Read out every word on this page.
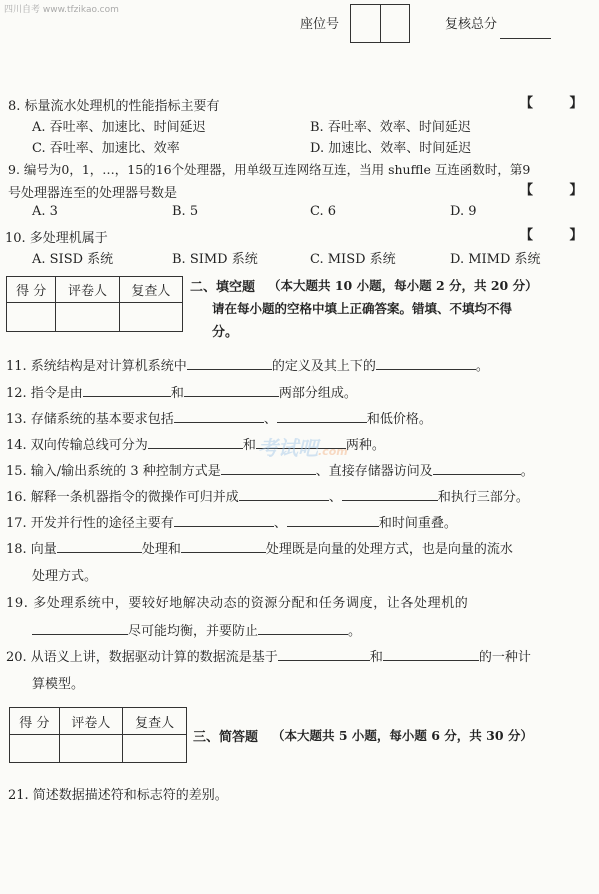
四川自考 www.tfzikao.com
座位号	复核总分
8. 标量流水处理机的性能指标主要有	【 】
A. 吞吐率、加速比、时间延迟	B. 吞吐率、效率、时间延迟
C. 吞吐率、加速比、效率	D. 加速比、效率、时间延迟
9. 编号为0，1，…，15的16个处理器，用单级互连网络互连，当用 shuffle 互连函数时，第9
号处理器连至的处理器号数是	【 】
A. 3	B. 5	C. 6	D. 9
10. 多处理机属于	【 】
A. SISD 系统	B. SIMD 系统	C. MISD 系统	D. MIMD 系统
得 分	评卷人	复查人
		二、填空题 （本大题共 10 小题，每小题 2 分，共 20 分）
请在每小题的空格中填上正确答案。错填、不填均不得
分。
11. 系统结构是对计算机系统中	的定义及其上下的	。
12. 指令是由	和	两部分组成。
13. 存储系统的基本要求包括	、	和低价格。
14. 双向传输总线可分为	和	两种。
15. 输入/输出系统的 3 种控制方式是	、直接存储器访问及	。
16. 解释一条机器指令的微操作可归并成	、	和执行三部分。
17. 开发并行性的途径主要有	、	和时间重叠。
18. 向量	处理和	处理既是向量的处理方式，也是向量的流水
处理方式。
19. 多处理系统中，要较好地解决动态的资源分配和任务调度，让各处理机的
尽可能均衡，并要防止	。
20. 从语义上讲，数据驱动计算的数据流是基于	和	的一种计
算模型。
得 分	评卷人	复查人

三、简答题 （本大题共 5 小题，每小题 6 分，共 30 分）
21. 简述数据描述符和标志符的差别。
考试吧.com
